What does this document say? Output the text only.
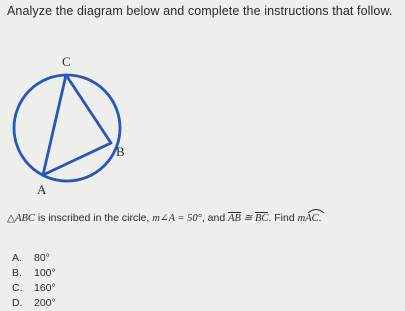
Analyze the diagram below and complete the instructions that follow.
C
B
A
△ABC is inscribed in the circle, m∠A = 50°, and AB ≅ BC. Find m
AC.
A.	80°
B.	100°
C.	160°
D.	200°
